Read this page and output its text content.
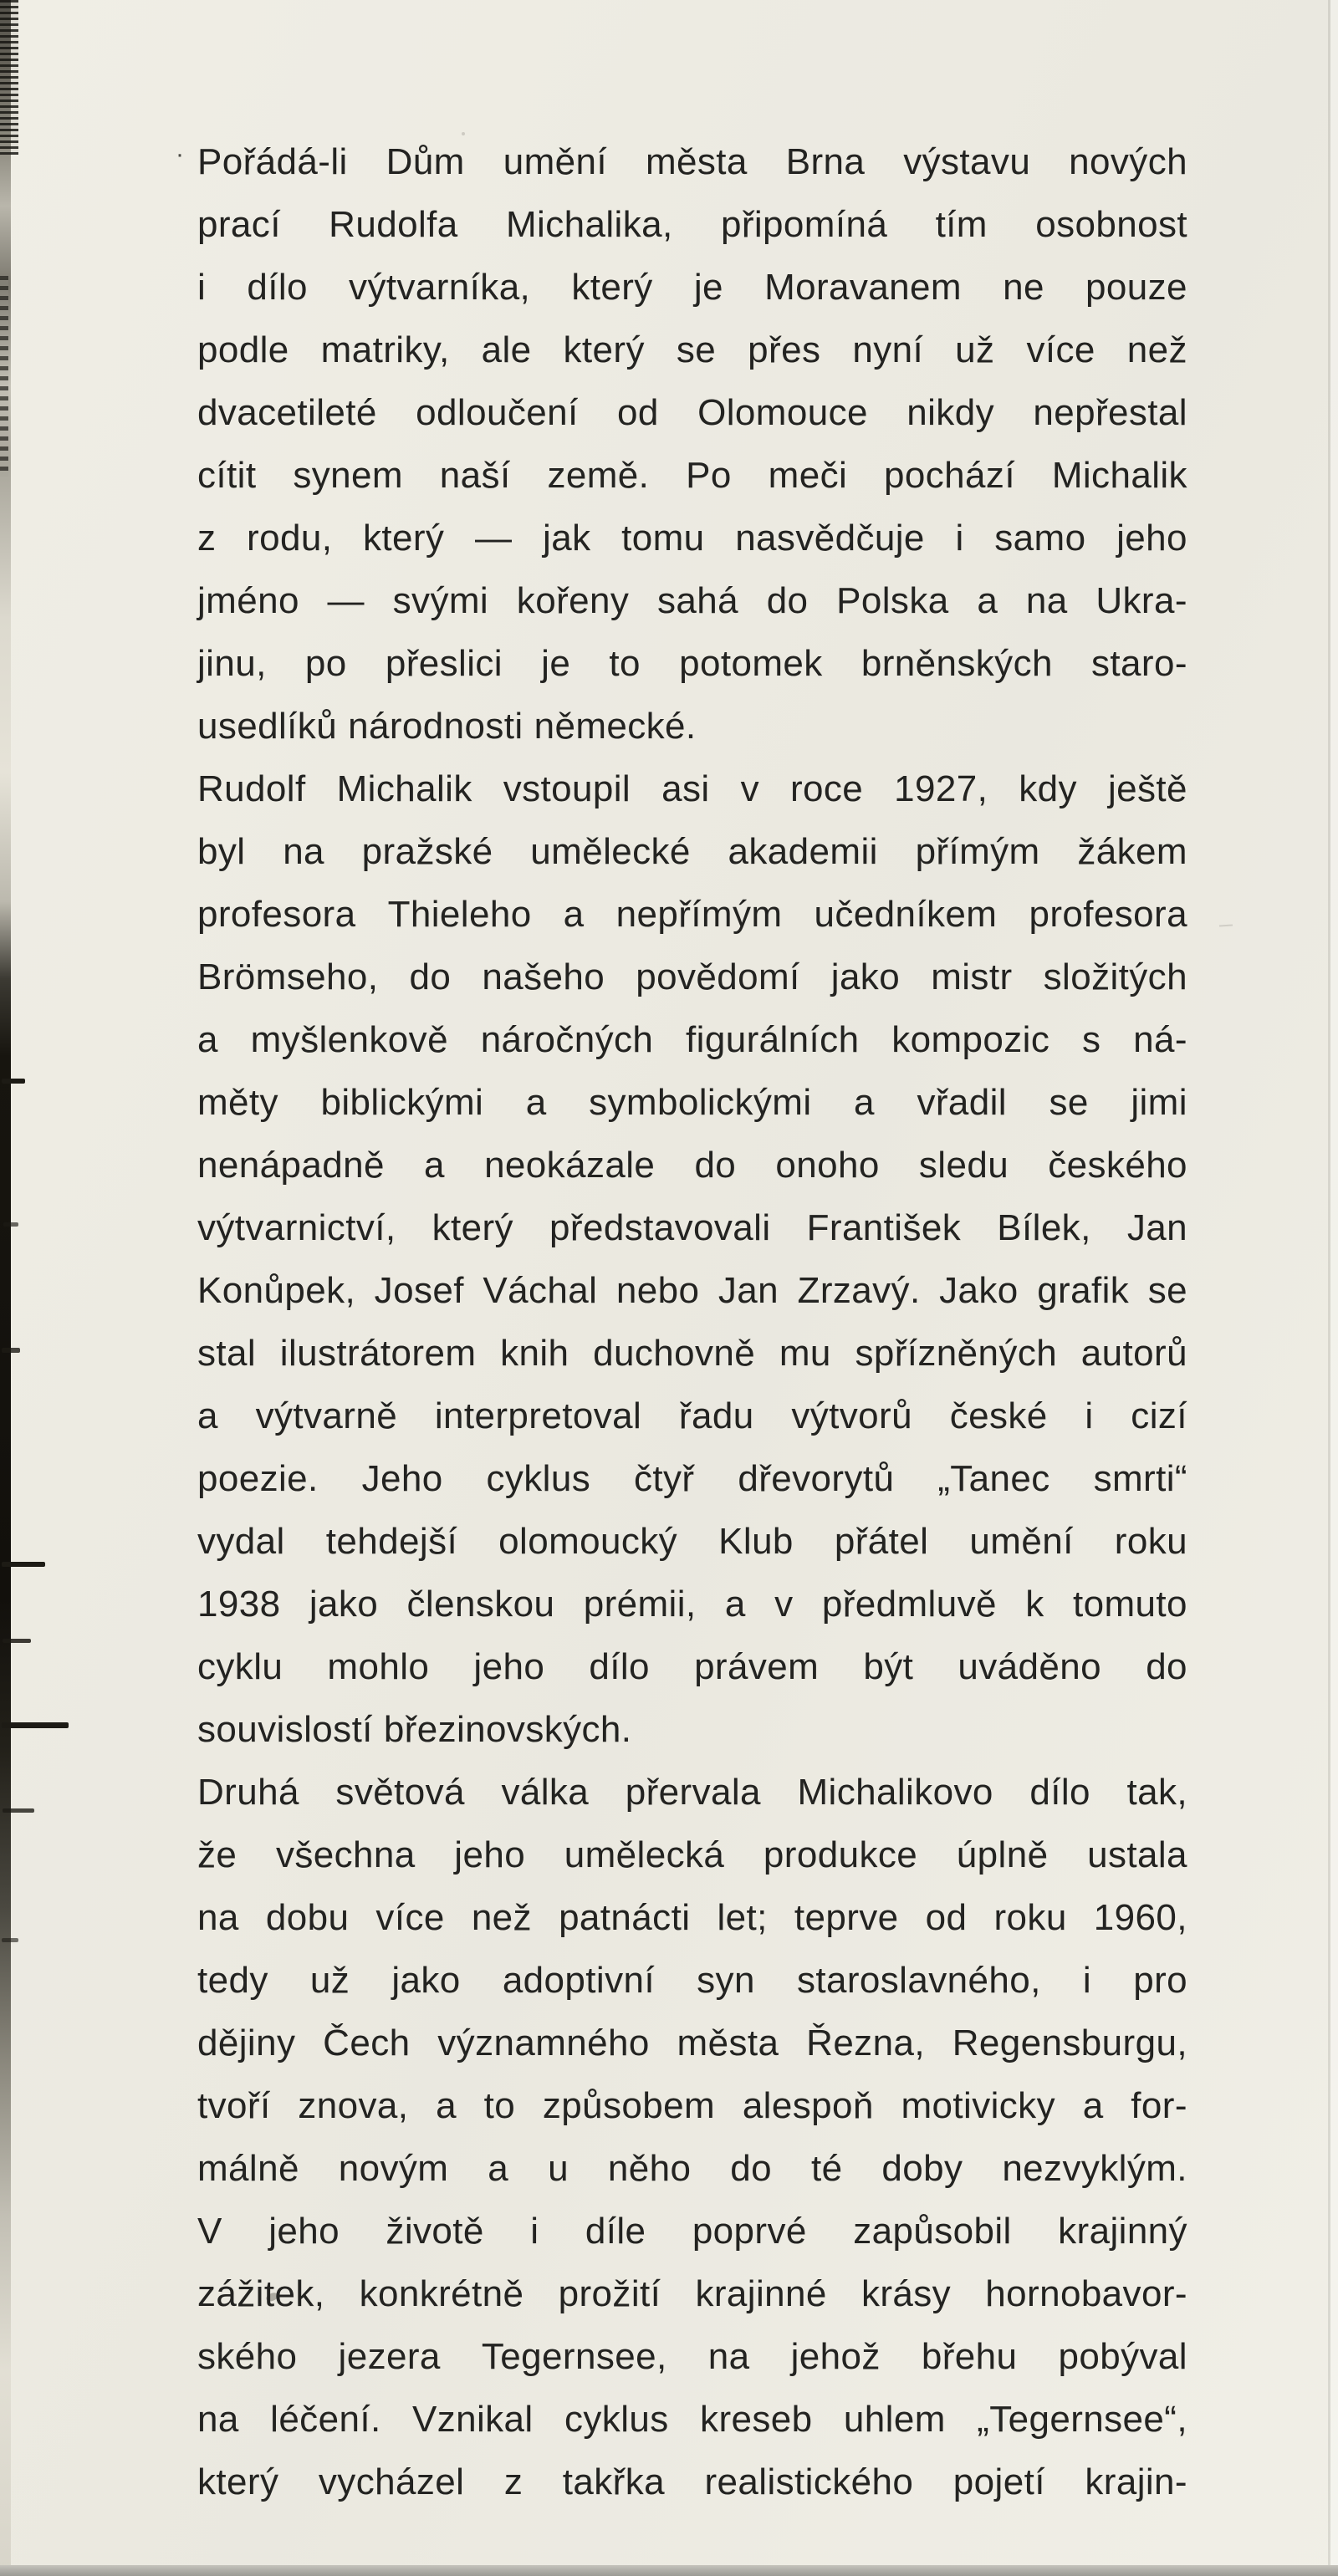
· Pořádá-li Dům umění města Brna výstavu nových
prací Rudolfa Michalika, připomíná tím osobnost
i dílo výtvarníka, který je Moravanem ne pouze
podle matriky, ale který se přes nyní už více než
dvacetileté odloučení od Olomouce nikdy nepřestal
cítit synem naší země. Po meči pochází Michalik
z rodu, který — jak tomu nasvědčuje i samo jeho
jméno — svými kořeny sahá do Polska a na Ukra-
jinu, po přeslici je to potomek brněnských staro-
usedlíků národnosti německé.
Rudolf Michalik vstoupil asi v roce 1927, kdy ještě
byl na pražské umělecké akademii přímým žákem
profesora Thieleho a nepřímým učedníkem profesora
Brömseho, do našeho povědomí jako mistr složitých
a myšlenkově náročných figurálních kompozic s ná-
měty biblickými a symbolickými a vřadil se jimi
nenápadně a neokázale do onoho sledu českého
výtvarnictví, který představovali František Bílek, Jan
Konůpek, Josef Váchal nebo Jan Zrzavý. Jako grafik se
stal ilustrátorem knih duchovně mu spřízněných autorů
a výtvarně interpretoval řadu výtvorů české i cizí
poezie. Jeho cyklus čtyř dřevorytů „Tanec smrti“
vydal tehdejší olomoucký Klub přátel umění roku
1938 jako členskou prémii, a v předmluvě k tomuto
cyklu mohlo jeho dílo právem být uváděno do
souvislostí březinovských.
Druhá světová válka přervala Michalikovo dílo tak,
že všechna jeho umělecká produkce úplně ustala
na dobu více než patnácti let; teprve od roku 1960,
tedy už jako adoptivní syn staroslavného, i pro
dějiny Čech významného města Řezna, Regensburgu,
tvoří znova, a to způsobem alespoň motivicky a for-
málně novým a u něho do té doby nezvyklým.
V jeho životě i díle poprvé zapůsobil krajinný
zážitek, konkrétně prožití krajinné krásy hornobavor-
ského jezera Tegernsee, na jehož břehu pobýval
na léčení. Vznikal cyklus kreseb uhlem „Tegernsee“,
který vycházel z takřka realistického pojetí krajin-
